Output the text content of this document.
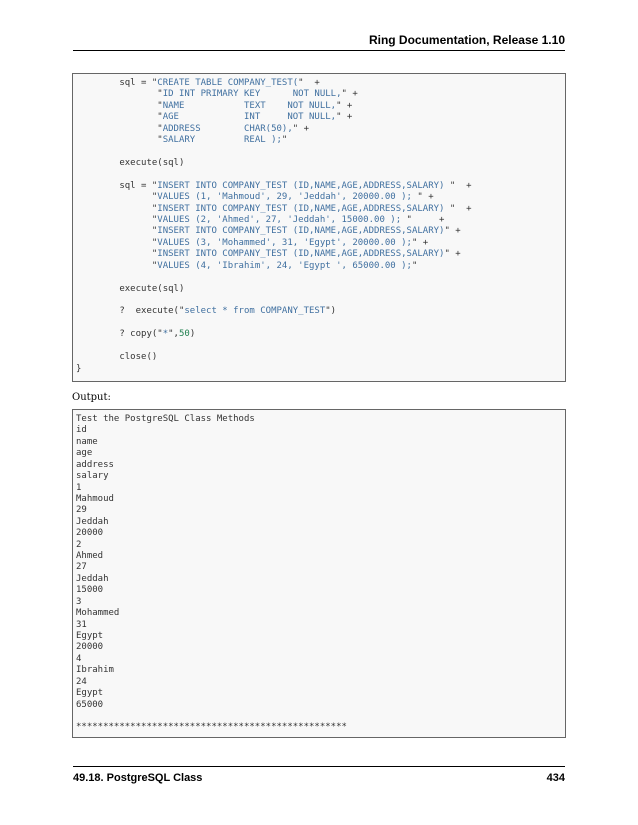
Ring Documentation, Release 1.10
sql = "CREATE TABLE COMPANY_TEST("  +
"ID INT PRIMARY KEY      NOT NULL," +
"NAME           TEXT    NOT NULL," +
"AGE            INT     NOT NULL," +
"ADDRESS        CHAR(50)," +
"SALARY         REAL );"

execute(sql)

sql = "INSERT INTO COMPANY_TEST (ID,NAME,AGE,ADDRESS,SALARY) "  +
"VALUES (1, 'Mahmoud', 29, 'Jeddah', 20000.00 ); " +
"INSERT INTO COMPANY_TEST (ID,NAME,AGE,ADDRESS,SALARY) "  +
"VALUES (2, 'Ahmed', 27, 'Jeddah', 15000.00 ); "     +
"INSERT INTO COMPANY_TEST (ID,NAME,AGE,ADDRESS,SALARY)" +
"VALUES (3, 'Mohammed', 31, 'Egypt', 20000.00 );" +
"INSERT INTO COMPANY_TEST (ID,NAME,AGE,ADDRESS,SALARY)" +
"VALUES (4, 'Ibrahim', 24, 'Egypt ', 65000.00 );"

execute(sql)

?  execute("select * from COMPANY_TEST")

? copy("*",50)

close()
}
Output:
Test the PostgreSQL Class Methods
id
name
age
address
salary
1
Mahmoud
29
Jeddah
20000
2
Ahmed
27
Jeddah
15000
3
Mohammed
31
Egypt
20000
4
Ibrahim
24
Egypt
65000

**************************************************
49.18. PostgreSQL Class	434
